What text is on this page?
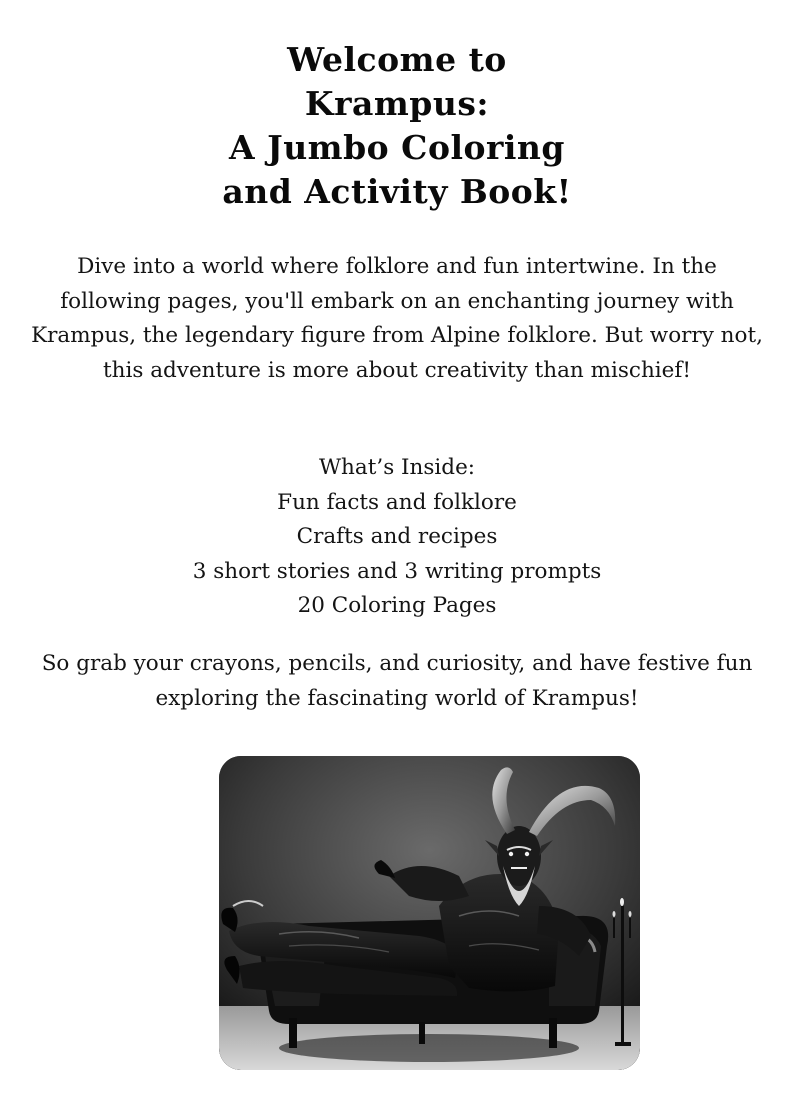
Welcome to
Krampus:
A Jumbo Coloring
and Activity Book!

Dive into a world where folklore and fun intertwine. In the following pages, you'll embark on an enchanting journey with Krampus, the legendary figure from Alpine folklore. But worry not, this adventure is more about creativity than mischief!

What’s Inside:
Fun facts and folklore
Crafts and recipes
3 short stories and 3 writing prompts
20 Coloring Pages

So grab your crayons, pencils, and curiosity, and have festive fun exploring the fascinating world of Krampus!
